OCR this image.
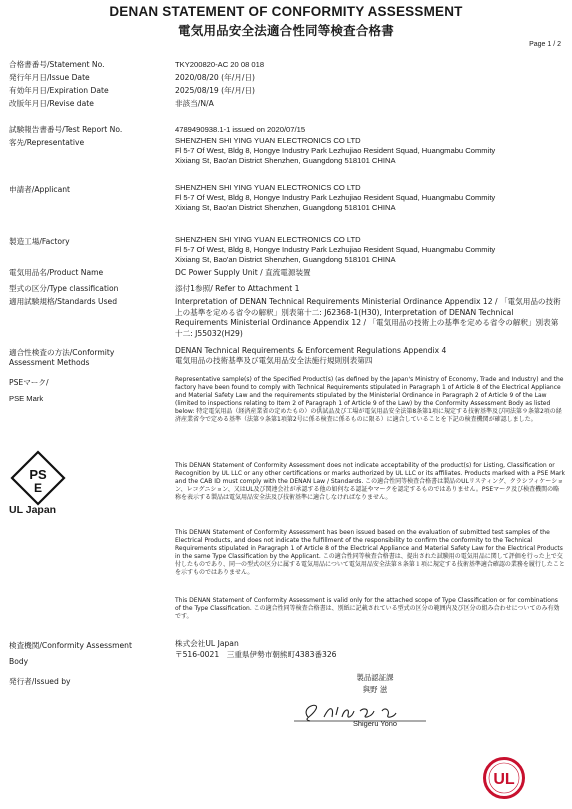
DENAN STATEMENT OF CONFORMITY ASSESSMENT
電気用品安全法適合性同等検査合格書
Page 1 / 2
合格書番号/Statement No.	TKY200820-AC 20 08 018
発行年月日/Issue Date	2020/08/20 (年/月/日)
有効年月日/Expiration Date	2025/08/19 (年/月/日)
改版年月日/Revise date	非該当/N/A
試験報告書番号/Test Report No.	4789490938.1-1 issued on 2020/07/15
客先/Representative	SHENZHEN SHI YING YUAN ELECTRONICS CO LTD
Fl 5-7 Of West, Bldg 8, Hongye Industry Park Lezhujiao Resident Squad, Huangmabu Commity
Xixiang St, Bao'an District Shenzhen, Guangdong 518101 CHINA
申請者/Applicant	SHENZHEN SHI YING YUAN ELECTRONICS CO LTD
Fl 5-7 Of West, Bldg 8, Hongye Industry Park Lezhujiao Resident Squad, Huangmabu Commity
Xixiang St, Bao'an District Shenzhen, Guangdong 518101 CHINA
製造工場/Factory	SHENZHEN SHI YING YUAN ELECTRONICS CO LTD
Fl 5-7 Of West, Bldg 8, Hongye Industry Park Lezhujiao Resident Squad, Huangmabu Commity
Xixiang St, Bao'an District Shenzhen, Guangdong 518101 CHINA
電気用品名/Product Name	DC Power Supply Unit / 直流電源装置
型式の区分/Type classification	添付1参照/ Refer to Attachment 1
適用試験規格/Standards Used	Interpretation of DENAN Technical Requirements Ministerial Ordinance Appendix 12 / 「電気用品の技術上の基準を定める省令の解釈」別表第十二: J62368-1(H30), Interpretation of DENAN Technical Requirements Ministerial Ordinance Appendix 12 / 「電気用品の技術上の基準を定める省令の解釈」別表第十二: J55032(H29)
適合性検査の方法/Conformity
Assessment Methods
DENAN Technical Requirements & Enforcement Regulations Appendix 4
電気用品の技術基準及び電気用品安全法施行規則別表第四
PSEマーク/
PSE Mark
Representative sample(s) of the Specified Product(s) (as defined by the Japan's Ministry of Economy, Trade and Industry) and the factory have been found to comply with Technical Requirements stipulated in Paragraph 1 of Article 8 of the Electrical Appliance and Material Safety Law and the requirements stipulated by the Ministerial Ordinance in Paragraph 2 of Article 9 of the Law (limited to inspections relating to Item 2 of Paragraph 1 of Article 9 of the Law) by the Conformity Assessment Body as listed below: 特定電気用品（経済産業省の定めたもの）の供試品及び工場が電気用品安全法第8条第1項に規定する技術基準及び同法第９条第2項の経済産業省令で定める基準（法第９条第1項第2号に係る検査に係るものに限る）に適合していることを下記の検査機関が確認しました。
This DENAN Statement of Conformity Assessment does not indicate acceptability of the product(s) for Listing, Classification or Recognition by UL LLC or any other certifications or marks authorized by UL LLC or its affiliates. Products marked with a PSE Mark and the CAB ID must comply with the DENAN Law / Standards. この適合性同等検査合格書は製品のULリスティング、クラシフィケーション、レコグニション、又はUL及び関連会社が承認する他の如何なる認証やマークを認定するものではありません。PSEマーク及び検査機関の略称を表示する製品は電気用品安全法及び技術基準に適合しなければなりません。
This DENAN Statement of Conformity Assessment has been issued based on the evaluation of submitted test samples of the Electrical Products, and does not indicate the fulfillment of the responsibility to confirm the conformity to the Technical Requirements stipulated in Paragraph 1 of Article 8 of the Electrical Appliance and Material Safety Law for the Electrical Products in the same Type Classification by the Applicant. この適合性同等検査合格書は、提出された試験用の電気用品に関して評価を行った上で交付したものであり、同一の型式の区分に属する電気用品について電気用品安全法第８条第１項に規定する技術基準適合確認の業務を履行したことを示すものではありません。
This DENAN Statement of Conformity Assessment is valid only for the attached scope of Type Classification or for combinations of the Type Classification. この適合性同等検査合格書は、別紙に記載されている型式の区分の範囲内及び区分の組み合わせについてのみ有効です。
PS
E
UL Japan
検査機関/Conformity Assessment
Body
株式会社UL Japan
〒516-0021　三重県伊勢市朝熊町4383番326
発行者/Issued by	製品認証課
與野 滋
Shigeru Yono
UL
